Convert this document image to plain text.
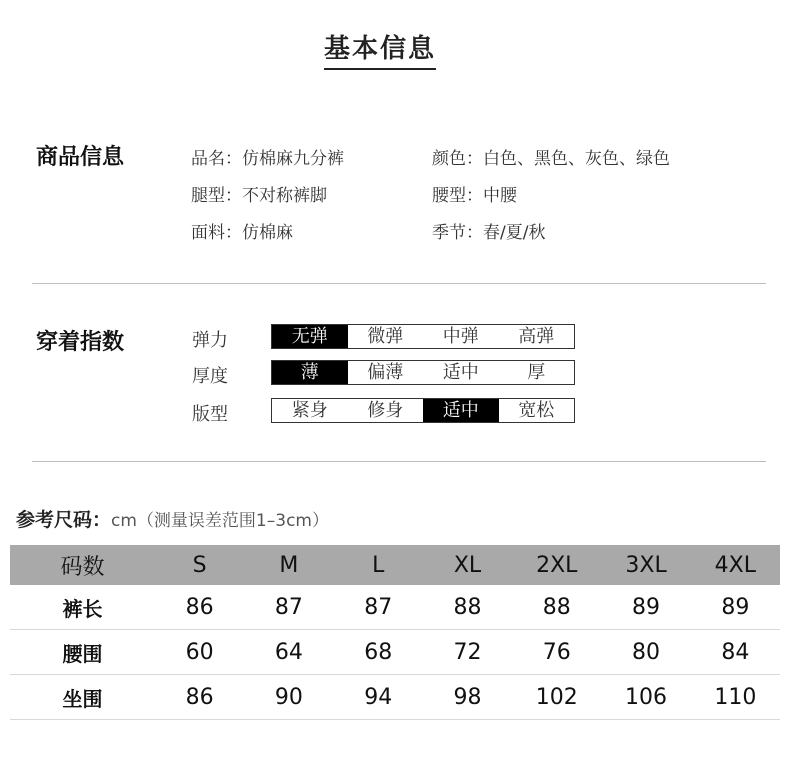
基本信息
商品信息	品名：仿棉麻九分裤	颜色：白色、黑色、灰色、绿色
腿型：不对称裤脚	腰型：中腰
面料：仿棉麻	季节：春/夏/秋
穿着指数	弹力	无弹	微弹	中弹	高弹
厚度	薄	偏薄	适中	厚
版型	紧身	修身	适中	宽松
参考尺码：cm（测量误差范围1–3cm）
码数	S	M	L	XL	2XL	3XL	4XL
裤长	86	87	87	88	88	89	89
腰围	60	64	68	72	76	80	84
坐围	86	90	94	98	102	106	110
